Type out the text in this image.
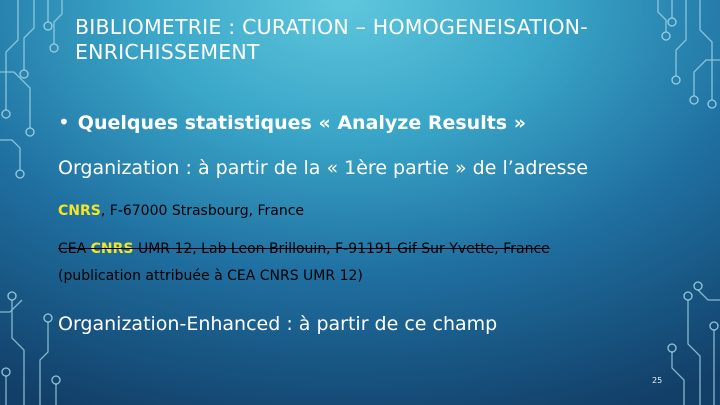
BIBLIOMETRIE : CURATION – HOMOGENEISATION-ENRICHISSEMENT
• Quelques statistiques « Analyze Results »
Organization : à partir de la « 1ère partie » de l’adresse
CNRS, F-67000 Strasbourg, France
CEA CNRS UMR 12, Lab Leon Brillouin, F-91191 Gif Sur Yvette, France
(publication attribuée à CEA CNRS UMR 12)
Organization-Enhanced : à partir de ce champ
25
